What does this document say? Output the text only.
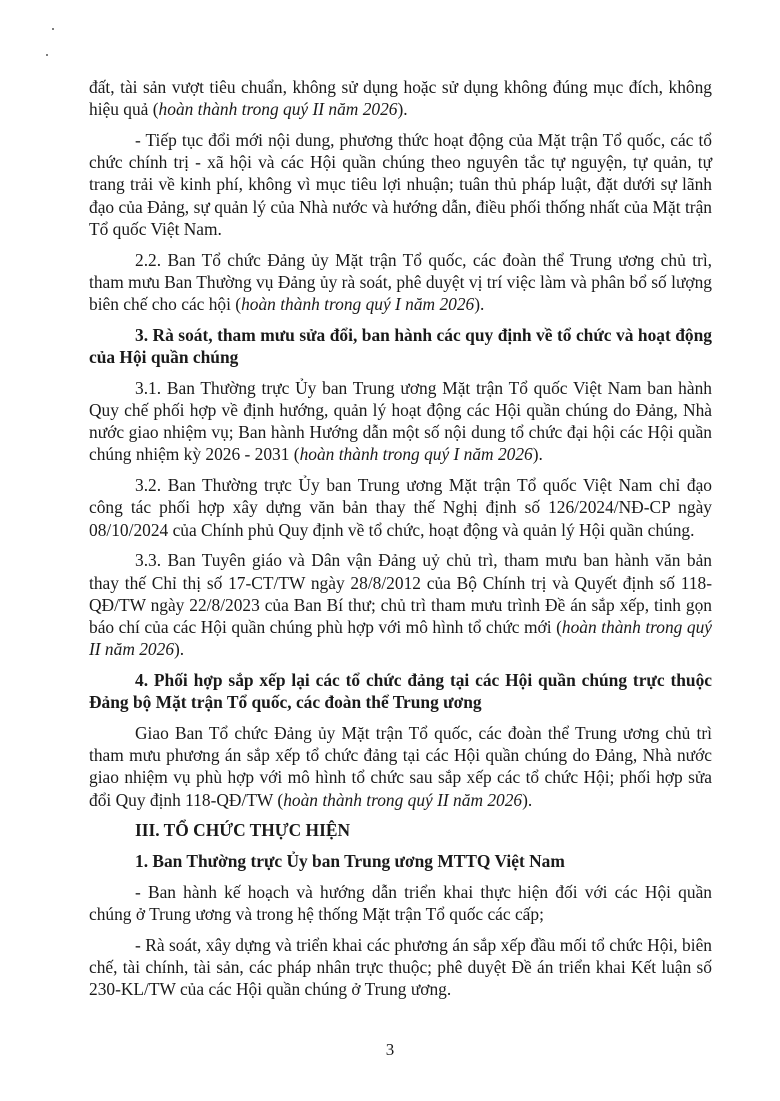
đất, tài sản vượt tiêu chuẩn, không sử dụng hoặc sử dụng không đúng mục đích, không hiệu quả (hoàn thành trong quý II năm 2026).

- Tiếp tục đổi mới nội dung, phương thức hoạt động của Mặt trận Tổ quốc, các tổ chức chính trị - xã hội và các Hội quần chúng theo nguyên tắc tự nguyện, tự quản, tự trang trải về kinh phí, không vì mục tiêu lợi nhuận; tuân thủ pháp luật, đặt dưới sự lãnh đạo của Đảng, sự quản lý của Nhà nước và hướng dẫn, điều phối thống nhất của Mặt trận Tổ quốc Việt Nam.

2.2. Ban Tổ chức Đảng ủy Mặt trận Tổ quốc, các đoàn thể Trung ương chủ trì, tham mưu Ban Thường vụ Đảng ủy rà soát, phê duyệt vị trí việc làm và phân bổ số lượng biên chế cho các hội (hoàn thành trong quý I năm 2026).

3. Rà soát, tham mưu sửa đổi, ban hành các quy định về tổ chức và hoạt động của Hội quần chúng

3.1. Ban Thường trực Ủy ban Trung ương Mặt trận Tổ quốc Việt Nam ban hành Quy chế phối hợp về định hướng, quản lý hoạt động các Hội quần chúng do Đảng, Nhà nước giao nhiệm vụ; Ban hành Hướng dẫn một số nội dung tổ chức đại hội các Hội quần chúng nhiệm kỳ 2026 - 2031 (hoàn thành trong quý I năm 2026).

3.2. Ban Thường trực Ủy ban Trung ương Mặt trận Tổ quốc Việt Nam chỉ đạo công tác phối hợp xây dựng văn bản thay thế Nghị định số 126/2024/NĐ-CP ngày 08/10/2024 của Chính phủ Quy định về tổ chức, hoạt động và quản lý Hội quần chúng.

3.3. Ban Tuyên giáo và Dân vận Đảng uỷ chủ trì, tham mưu ban hành văn bản thay thế Chỉ thị số 17-CT/TW ngày 28/8/2012 của Bộ Chính trị và Quyết định số 118-QĐ/TW ngày 22/8/2023 của Ban Bí thư; chủ trì tham mưu trình Đề án sắp xếp, tinh gọn báo chí của các Hội quần chúng phù hợp với mô hình tổ chức mới (hoàn thành trong quý II năm 2026).

4. Phối hợp sắp xếp lại các tổ chức đảng tại các Hội quần chúng trực thuộc Đảng bộ Mặt trận Tổ quốc, các đoàn thể Trung ương

Giao Ban Tổ chức Đảng ủy Mặt trận Tổ quốc, các đoàn thể Trung ương chủ trì tham mưu phương án sắp xếp tổ chức đảng tại các Hội quần chúng do Đảng, Nhà nước giao nhiệm vụ phù hợp với mô hình tổ chức sau sắp xếp các tổ chức Hội; phối hợp sửa đổi Quy định 118-QĐ/TW (hoàn thành trong quý II năm 2026).

III. TỔ CHỨC THỰC HIỆN

1. Ban Thường trực Ủy ban Trung ương MTTQ Việt Nam

- Ban hành kế hoạch và hướng dẫn triển khai thực hiện đối với các Hội quần chúng ở Trung ương và trong hệ thống Mặt trận Tổ quốc các cấp;

- Rà soát, xây dựng và triển khai các phương án sắp xếp đầu mối tổ chức Hội, biên chế, tài chính, tài sản, các pháp nhân trực thuộc; phê duyệt Đề án triển khai Kết luận số 230-KL/TW của các Hội quần chúng ở Trung ương.

3
